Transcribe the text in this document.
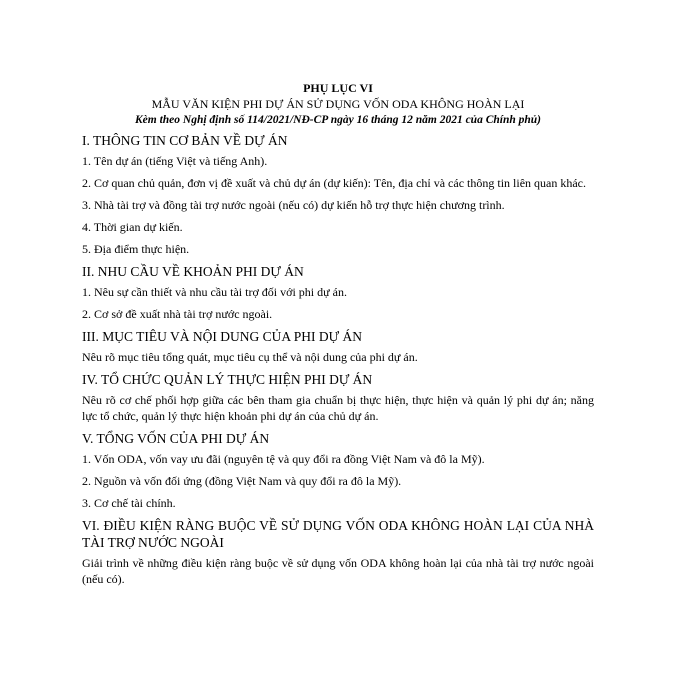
PHỤ LỤC VI
MẪU VĂN KIỆN PHI DỰ ÁN SỬ DỤNG VỐN ODA KHÔNG HOÀN LẠI
Kèm theo Nghị định số 114/2021/NĐ-CP ngày 16 tháng 12 năm 2021 của Chính phủ)
I. THÔNG TIN CƠ BẢN VỀ DỰ ÁN
1. Tên dự án (tiếng Việt và tiếng Anh).
2. Cơ quan chủ quản, đơn vị đề xuất và chủ dự án (dự kiến): Tên, địa chỉ và các thông tin liên quan khác.
3. Nhà tài trợ và đồng tài trợ nước ngoài (nếu có) dự kiến hỗ trợ thực hiện chương trình.
4. Thời gian dự kiến.
5. Địa điểm thực hiện.
II. NHU CẦU VỀ KHOẢN PHI DỰ ÁN
1. Nêu sự cần thiết và nhu cầu tài trợ đối với phi dự án.
2. Cơ sở đề xuất nhà tài trợ nước ngoài.
III. MỤC TIÊU VÀ NỘI DUNG CỦA PHI DỰ ÁN
Nêu rõ mục tiêu tổng quát, mục tiêu cụ thể và nội dung của phi dự án.
IV. TỔ CHỨC QUẢN LÝ THỰC HIỆN PHI DỰ ÁN
Nêu rõ cơ chế phối hợp giữa các bên tham gia chuẩn bị thực hiện, thực hiện và quản lý phi dự án; năng lực tổ chức, quản lý thực hiện khoản phi dự án của chủ dự án.
V. TỔNG VỐN CỦA PHI DỰ ÁN
1. Vốn ODA, vốn vay ưu đãi (nguyên tệ và quy đổi ra đồng Việt Nam và đô la Mỹ).
2. Nguồn và vốn đối ứng (đồng Việt Nam và quy đổi ra đô la Mỹ).
3. Cơ chế tài chính.
VI. ĐIỀU KIỆN RÀNG BUỘC VỀ SỬ DỤNG VỐN ODA KHÔNG HOÀN LẠI CỦA NHÀ TÀI TRỢ NƯỚC NGOÀI
Giải trình về những điều kiện ràng buộc về sử dụng vốn ODA không hoàn lại của nhà tài trợ nước ngoài (nếu có).
